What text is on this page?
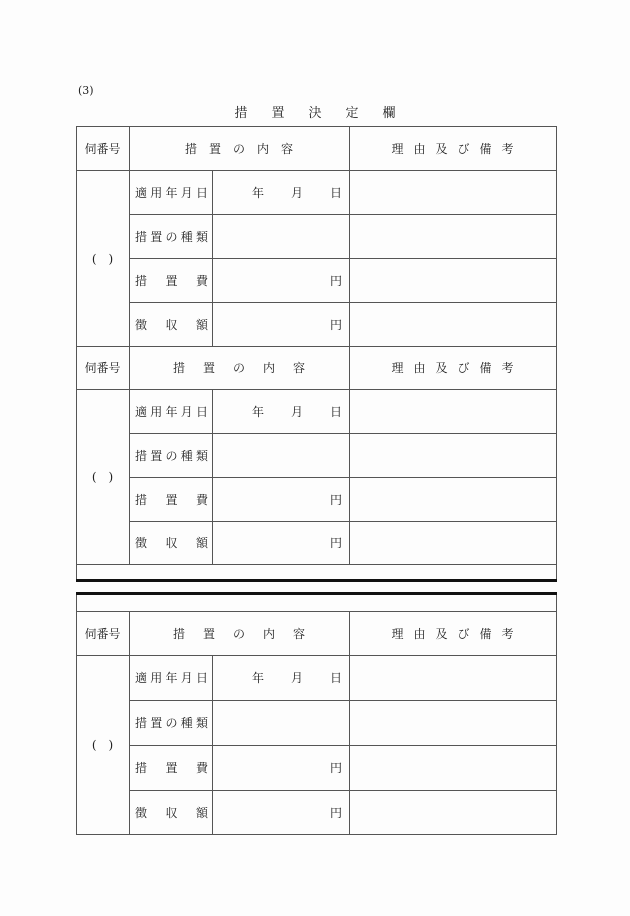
(3)
措 置 決 定 欄
伺番号	措 置 の 内 容	理 由 及 び 備 考
(　)
適 用 年 月 日	年 月 日
措 置 の 種 類
措 置 費	円
徴 収 額	円
伺番号	措 置 の 内 容	理 由 及 び 備 考
(　)
適 用 年 月 日	年 月 日
措 置 の 種 類
措 置 費	円
徴 収 額	円
伺番号	措 置 の 内 容	理 由 及 び 備 考
(　)
適 用 年 月 日	年 月 日
措 置 の 種 類
措 置 費	円
徴 収 額	円
